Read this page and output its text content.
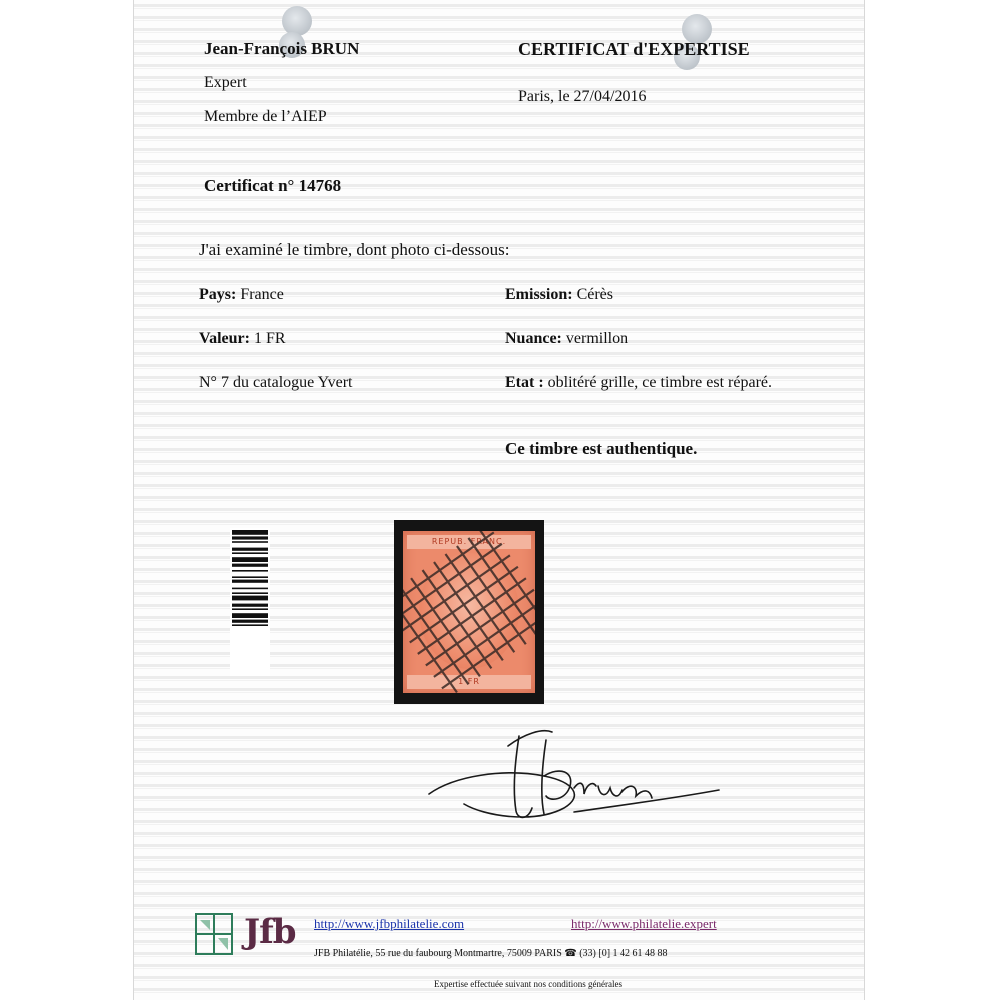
Jean-François BRUN
Expert
Membre de l’AIEP
CERTIFICAT d'EXPERTISE
Paris, le 27/04/2016
Certificat n° 14768
J'ai examiné le timbre, dont photo ci-dessous:
Pays: France
Valeur: 1 FR
N° 7 du catalogue Yvert
Emission: Cérès
Nuance: vermillon
Etat : oblitéré grille, ce timbre est réparé.
Ce timbre est authentique.
REPUB. FRANC.
1 FR
Jfb http://www.jfbphilatelie.com	http://www.philatelie.expert
JFB Philatélie, 55 rue du faubourg Montmartre, 75009 PARIS ☎ (33) [0] 1 42 61 48 88
Expertise effectuée suivant nos conditions générales
